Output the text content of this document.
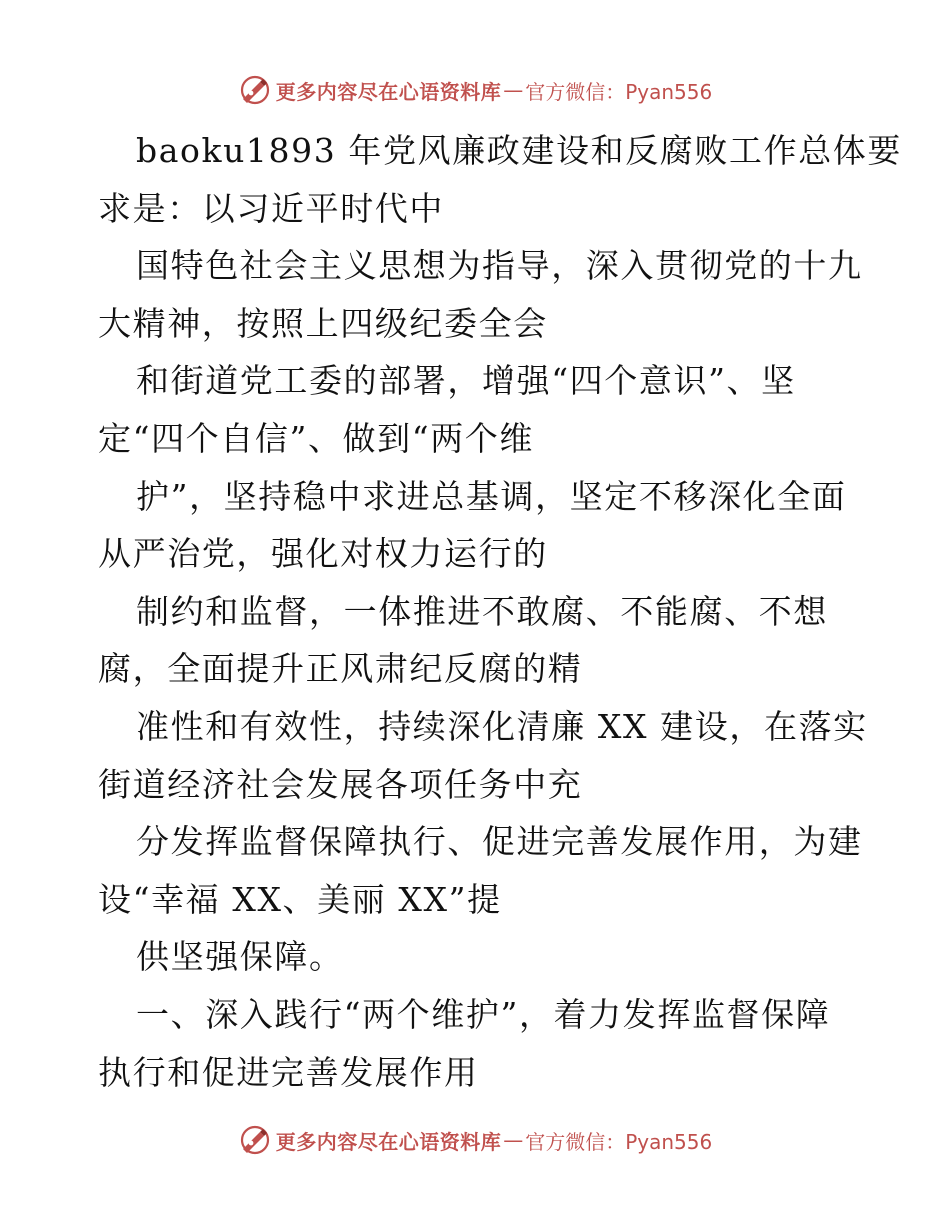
更多内容尽在心语资料库 — 官方微信：Pyan556
baoku1893 年党风廉政建设和反腐败工作总体要
求是：以习近平时代中
国特色社会主义思想为指导，深入贯彻党的十九
大精神，按照上四级纪委全会
和街道党工委的部署，增强“四个意识”、坚
定“四个自信”、做到“两个维
护”，坚持稳中求进总基调，坚定不移深化全面
从严治党，强化对权力运行的
制约和监督，一体推进不敢腐、不能腐、不想
腐，全面提升正风肃纪反腐的精
准性和有效性，持续深化清廉 XX 建设，在落实
街道经济社会发展各项任务中充
分发挥监督保障执行、促进完善发展作用，为建
设“幸福 XX、美丽 XX”提
供坚强保障。
一、深入践行“两个维护”，着力发挥监督保障
执行和促进完善发展作用
更多内容尽在心语资料库 — 官方微信：Pyan556
